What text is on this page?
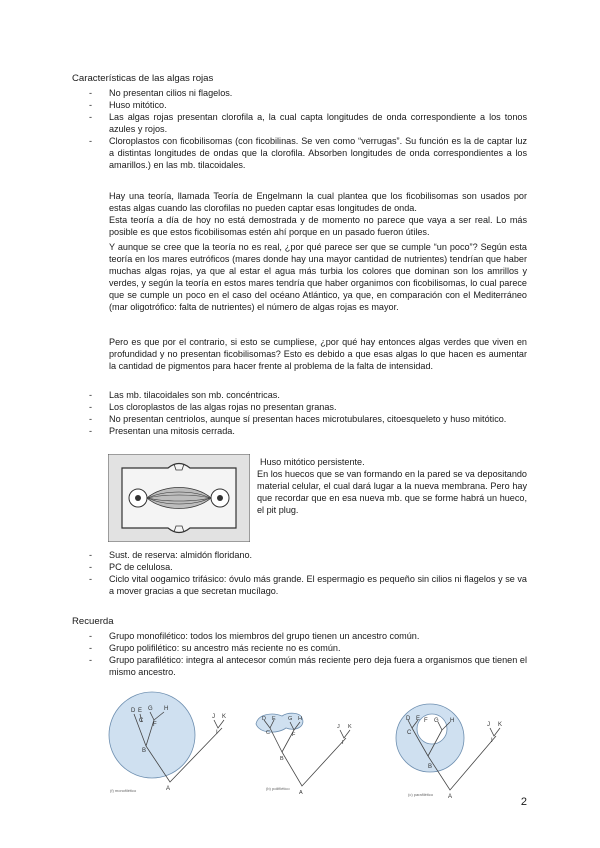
Características de las algas rojas
- No presentan cilios ni flagelos.
- Huso mitótico.
- Las algas rojas presentan clorofila a, la cual capta longitudes de onda correspondiente a los tonos azules y rojos.
- Cloroplastos con ficobilisomas (con ficobilinas. Se ven como “verrugas”. Su función es la de captar luz a distintas longitudes de ondas que la clorofila. Absorben longitudes de onda correspondientes a los amarillos.) en las mb. tilacoidales.

Hay una teoría, llamada Teoría de Engelmann la cual plantea que los ficobilisomas son usados por estas algas cuando las clorofilas no pueden captar esas longitudes de onda.

Esta teoría a día de hoy no está demostrada y de momento no parece que vaya a ser real. Lo más posible es que estos ficobilisomas estén ahí porque en un pasado fueron útiles.

Y aunque se cree que la teoría no es real, ¿por qué parece ser que se cumple “un poco”? Según esta teoría en los mares eutróficos (mares donde hay una mayor cantidad de nutrientes) tendrían que haber muchas algas rojas, ya que al estar el agua más turbia los colores que dominan son los amrillos y verdes, y según la teoría en estos mares tendría que haber organimos con ficobilisomas, lo cual parece que se cumple un poco en el caso del océano Atlántico, ya que, en comparación con el Mediterráneo (mar oligotrófico: falta de nutrientes) el número de algas rojas es mayor.

Pero es que por el contrario, si esto se cumpliese, ¿por qué hay entonces algas verdes que viven en profundidad y no presentan ficobilisomas? Esto es debido a que esas algas lo que hacen es aumentar la cantidad de pigmentos para hacer frente al problema de la falta de intensidad.

- Las mb. tilacoidales son mb. concéntricas.
- Los cloroplastos de las algas rojas no presentan granas.
- No presentan centriolos, aunque sí presentan haces microtubulares, citoesqueleto y huso mitótico.
- Presentan una mitosis cerrada.
Huso mitótico persistente.
En los huecos que se van formando en la pared se va depositando material celular, el cual dará lugar a la nueva membrana. Pero hay que recordar que en esa nueva mb. que se forme habrá un hueco, el pit plug.
- Sust. de reserva: almidón floridano.
- PC de celulosa.
- Ciclo vital oogamico trifásico: óvulo más grande. El espermagio es pequeño sin cilios ni flagelos y se va a mover gracias a que secretan mucílago.
Recuerda
- Grupo monofilético: todos los miembros del grupo tienen un ancestro común.
- Grupo polifilético: su ancestro más reciente no es común.
- Grupo parafilético: integra al antecesor común más reciente pero deja fuera a organismos que tienen el mismo ancestro.
D E
C
G H
F
J K
I
B
A
(f) monofilético
D E
C
G H
F
J K
I
B
A
(b) polifilético
D E
C
F G H
J K
I
B
A
(c) parafilético
2
